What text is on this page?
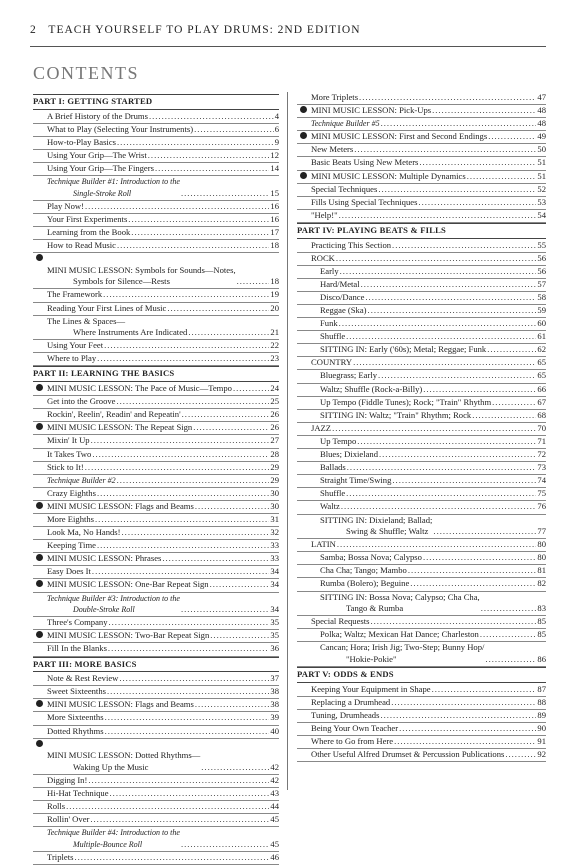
2 TEACH YOURSELF TO PLAY DRUMS: 2ND EDITION
CONTENTS
PART I: GETTING STARTED
A Brief History of the Drums .....	4
What to Play (Selecting Your Instruments) .....	6
How-to-Play Basics .....	9
Using Your Grip—The Wrist .....	12
Using Your Grip—The Fingers .....	14
Technique Builder #1: Introduction to the
Single-Stroke Roll .....	15
Play Now! .....	16
Your First Experiments .....	16
Learning from the Book .....	17
How to Read Music .....	18
MINI MUSIC LESSON: Symbols for Sounds—Notes,
Symbols for Silence—Rests .....	18
The Framework .....	19
Reading Your First Lines of Music .....	20
The Lines & Spaces—
Where Instruments Are Indicated .....	21
Using Your Feet .....	22
Where to Play .....	23
PART II: LEARNING THE BASICS
MINI MUSIC LESSON: The Pace of Music—Tempo .....	24
Get into the Groove .....	25
Rockin', Reelin', Readin' and Repeatin' .....	26
MINI MUSIC LESSON: The Repeat Sign .....	26
Mixin' It Up .....	27
It Takes Two .....	28
Stick to It! .....	29
Technique Builder #2 .....	29
Crazy Eighths .....	30
MINI MUSIC LESSON: Flags and Beams .....	30
More Eighths .....	31
Look Ma, No Hands! .....	32
Keeping Time .....	33
MINI MUSIC LESSON: Phrases .....	33
Easy Does It .....	34
MINI MUSIC LESSON: One-Bar Repeat Sign .....	34
Technique Builder #3: Introduction to the
Double-Stroke Roll .....	34
Three's Company .....	35
MINI MUSIC LESSON: Two-Bar Repeat Sign .....	35
Fill In the Blanks .....	36
PART III: MORE BASICS
Note & Rest Review .....	37
Sweet Sixteenths .....	38
MINI MUSIC LESSON: Flags and Beams .....	38
More Sixteenths .....	39
Dotted Rhythms .....	40
MINI MUSIC LESSON: Dotted Rhythms—
Waking Up the Music .....	42
Digging In! .....	42
Hi-Hat Technique .....	43
Rolls .....	44
Rollin' Over .....	45
Technique Builder #4: Introduction to the
Multiple-Bounce Roll .....	45
Triplets .....	46
More Triplets .....	47
MINI MUSIC LESSON: Pick-Ups .....	48
Technique Builder #5 .....	48
MINI MUSIC LESSON: First and Second Endings .....	49
New Meters .....	50
Basic Beats Using New Meters .....	51
MINI MUSIC LESSON: Multiple Dynamics .....	51
Special Techniques .....	52
Fills Using Special Techniques .....	53
"Help!" .....	54
PART IV: PLAYING BEATS & FILLS
Practicing This Section .....	55
ROCK .....	56
Early .....	56
Hard/Metal .....	57
Disco/Dance .....	58
Reggae (Ska) .....	59
Funk .....	60
Shuffle .....	61
SITTING IN: Early ('60s); Metal; Reggae; Funk .....	62
COUNTRY .....	65
Bluegrass; Early .....	65
Waltz; Shuffle (Rock-a-Billy) .....	66
Up Tempo (Fiddle Tunes); Rock; "Train" Rhythm .....	67
SITTING IN: Waltz; "Train" Rhythm; Rock .....	68
JAZZ .....	70
Up Tempo .....	71
Blues; Dixieland .....	72
Ballads .....	73
Straight Time/Swing .....	74
Shuffle .....	75
Waltz .....	76
SITTING IN: Dixieland; Ballad;
Swing & Shuffle; Waltz .....	77
LATIN .....	80
Samba; Bossa Nova; Calypso .....	80
Cha Cha; Tango; Mambo .....	81
Rumba (Bolero); Beguine .....	82
SITTING IN: Bossa Nova; Calypso; Cha Cha,
Tango & Rumba .....	83
Special Requests .....	85
Polka; Waltz; Mexican Hat Dance; Charleston .....	85
Cancan; Hora; Irish Jig; Two-Step; Bunny Hop/
"Hokie-Pokie" .....	86
PART V: ODDS & ENDS
Keeping Your Equipment in Shape .....	87
Replacing a Drumhead .....	88
Tuning, Drumheads .....	89
Being Your Own Teacher .....	90
Where to Go from Here .....	91
Other Useful Alfred Drumset & Percussion Publications .....	92
